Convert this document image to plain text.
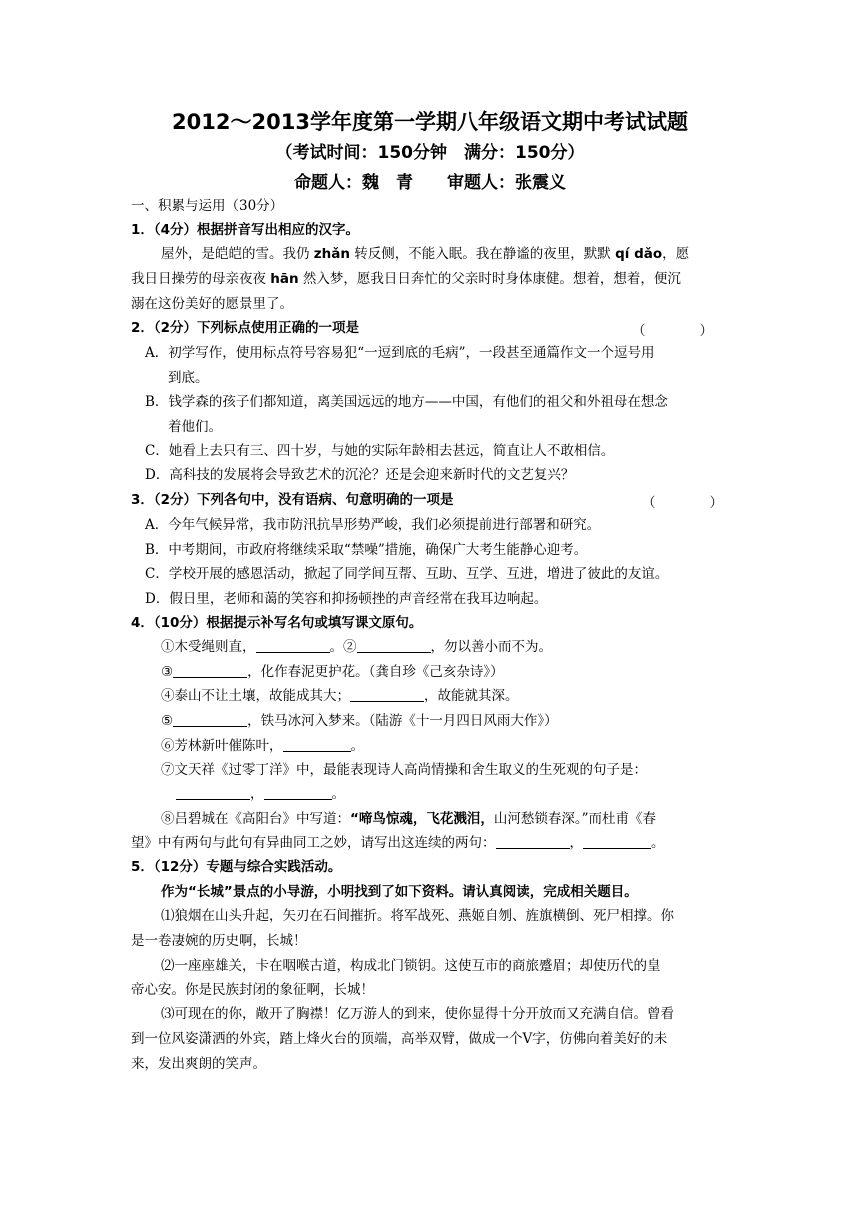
2012～2013学年度第一学期八年级语文期中考试试题
（考试时间：150分钟　满分：150分）
命题人：魏　青　　审题人：张震义
一、积累与运用（30分）
1．（4分）根据拼音写出相应的汉字。
屋外，是皑皑的雪。我仍 zhǎn 转反侧，不能入眠。我在静谧的夜里，默默 qí dǎo，愿
我日日操劳的母亲夜夜 hān 然入梦，愿我日日奔忙的父亲时时身体康健。想着，想着，便沉
溺在这份美好的愿景里了。
2．（2分）下列标点使用正确的一项是	（　　　　）
A．初学写作，使用标点符号容易犯“一逗到底的毛病”，一段甚至通篇作文一个逗号用
到底。
B．钱学森的孩子们都知道，离美国远远的地方——中国，有他们的祖父和外祖母在想念
着他们。
C．她看上去只有三、四十岁，与她的实际年龄相去甚远，简直让人不敢相信。
D．高科技的发展将会导致艺术的沉沦？还是会迎来新时代的文艺复兴？
3．（2分）下列各句中，没有语病、句意明确的一项是	（　　　　）
A．今年气候异常，我市防汛抗旱形势严峻，我们必须提前进行部署和研究。
B．中考期间，市政府将继续采取“禁噪”措施，确保广大考生能静心迎考。
C．学校开展的感恩活动，掀起了同学间互帮、互助、互学、互进，增进了彼此的友谊。
D．假日里，老师和蔼的笑容和抑扬顿挫的声音经常在我耳边响起。
4．（10分）根据提示补写名句或填写课文原句。
①木受绳则直，	。②	，勿以善小而不为。
③	，化作春泥更护花。（龚自珍《己亥杂诗》）
④泰山不让土壤，故能成其大；	，故能就其深。
⑤	，铁马冰河入梦来。（陆游《十一月四日风雨大作》）
⑥芳林新叶催陈叶，	。
⑦文天祥《过零丁洋》中，最能表现诗人高尚情操和舍生取义的生死观的句子是：
，	。
⑧吕碧城在《高阳台》中写道：“啼鸟惊魂，飞花溅泪，山河愁锁春深。”而杜甫《春
望》中有两句与此句有异曲同工之妙，请写出这连续的两句：	，	。
5．（12分）专题与综合实践活动。
作为“长城”景点的小导游，小明找到了如下资料。请认真阅读，完成相关题目。
⑴狼烟在山头升起，矢刃在石间摧折。将军战死、燕姬自刎、旌旗横倒、死尸相撑。你
是一卷凄婉的历史啊，长城！
⑵一座座雄关，卡在咽喉古道，构成北门锁钥。这使互市的商旅蹙眉；却使历代的皇
帝心安。你是民族封闭的象征啊，长城！
⑶可现在的你，敞开了胸襟！亿万游人的到来，使你显得十分开放而又充满自信。曾看
到一位风姿潇洒的外宾，踏上烽火台的顶端，高举双臂，做成一个V字，仿佛向着美好的未
来，发出爽朗的笑声。
